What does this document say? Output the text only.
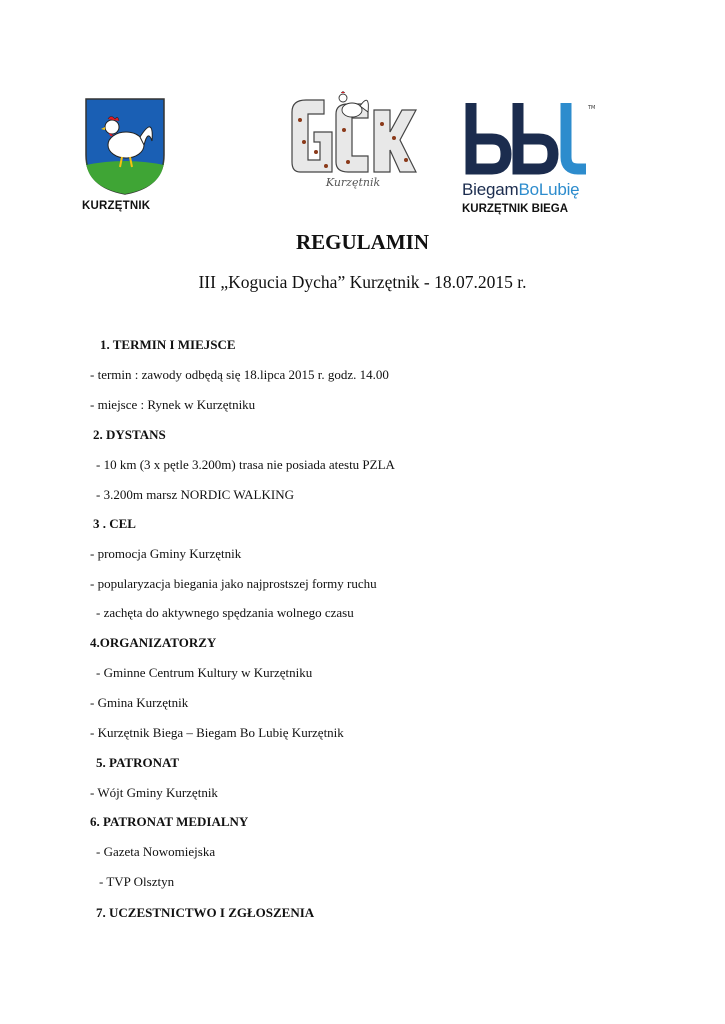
KURZĘTNIK
Kurzętnik
TM
BiegamBoLubię
KURZĘTNIK BIEGA
REGULAMIN
III „Kogucia Dycha” Kurzętnik - 18.07.2015 r.
1. TERMIN I MIEJSCE
- termin : zawody odbędą się 18.lipca 2015 r. godz. 14.00
- miejsce : Rynek w Kurzętniku
2. DYSTANS
- 10 km (3 x pętle 3.200m) trasa nie posiada atestu PZLA
- 3.200m marsz NORDIC WALKING
3 . CEL
- promocja Gminy Kurzętnik
- popularyzacja biegania jako najprostszej formy ruchu
- zachęta do aktywnego spędzania wolnego czasu
4.ORGANIZATORZY
- Gminne Centrum Kultury w Kurzętniku
- Gmina Kurzętnik
- Kurzętnik Biega – Biegam Bo Lubię Kurzętnik
5. PATRONAT
- Wójt Gminy Kurzętnik
6. PATRONAT MEDIALNY
- Gazeta Nowomiejska
- TVP Olsztyn
7. UCZESTNICTWO I ZGŁOSZENIA
